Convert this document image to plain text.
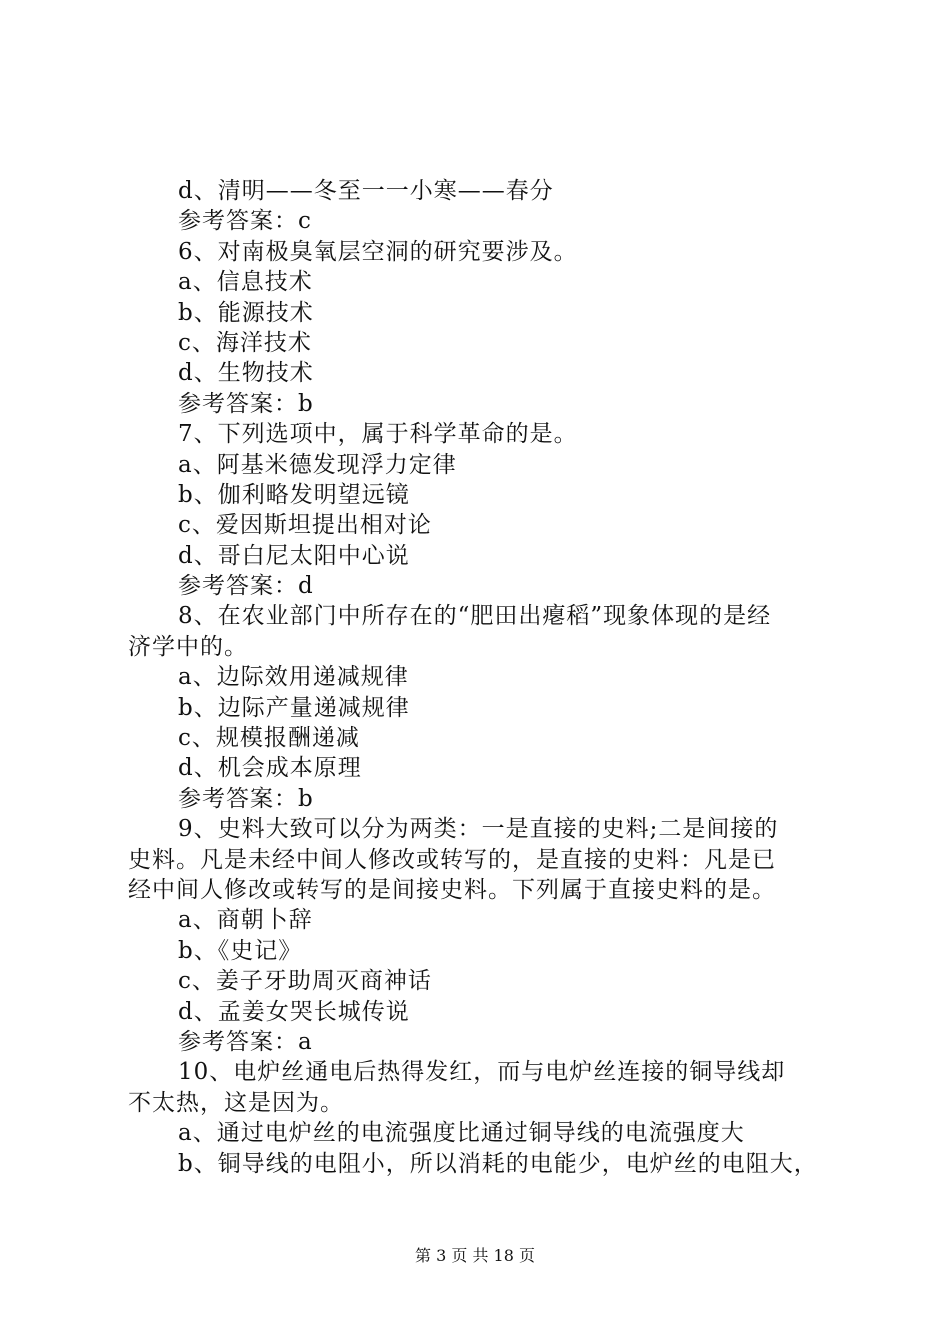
d、清明——冬至一一小寒——春分
参考答案：c
6、对南极臭氧层空洞的研究要涉及。
a、信息技术
b、能源技术
c、海洋技术
d、生物技术
参考答案：b
7、下列选项中，属于科学革命的是。
a、阿基米德发现浮力定律
b、伽利略发明望远镜
c、爱因斯坦提出相对论
d、哥白尼太阳中心说
参考答案：d
8、在农业部门中所存在的“肥田出瘪稻”现象体现的是经
济学中的。
a、边际效用递减规律
b、边际产量递减规律
c、规模报酬递减
d、机会成本原理
参考答案：b
9、史料大致可以分为两类：一是直接的史料;二是间接的
史料。凡是未经中间人修改或转写的，是直接的史料：凡是已
经中间人修改或转写的是间接史料。下列属于直接史料的是。
a、商朝卜辞
b、《史记》
c、姜子牙助周灭商神话
d、孟姜女哭长城传说
参考答案：a
10、电炉丝通电后热得发红，而与电炉丝连接的铜导线却
不太热，这是因为。
a、通过电炉丝的电流强度比通过铜导线的电流强度大
b、铜导线的电阻小，所以消耗的电能少，电炉丝的电阻大，
第 3 页 共 18 页
